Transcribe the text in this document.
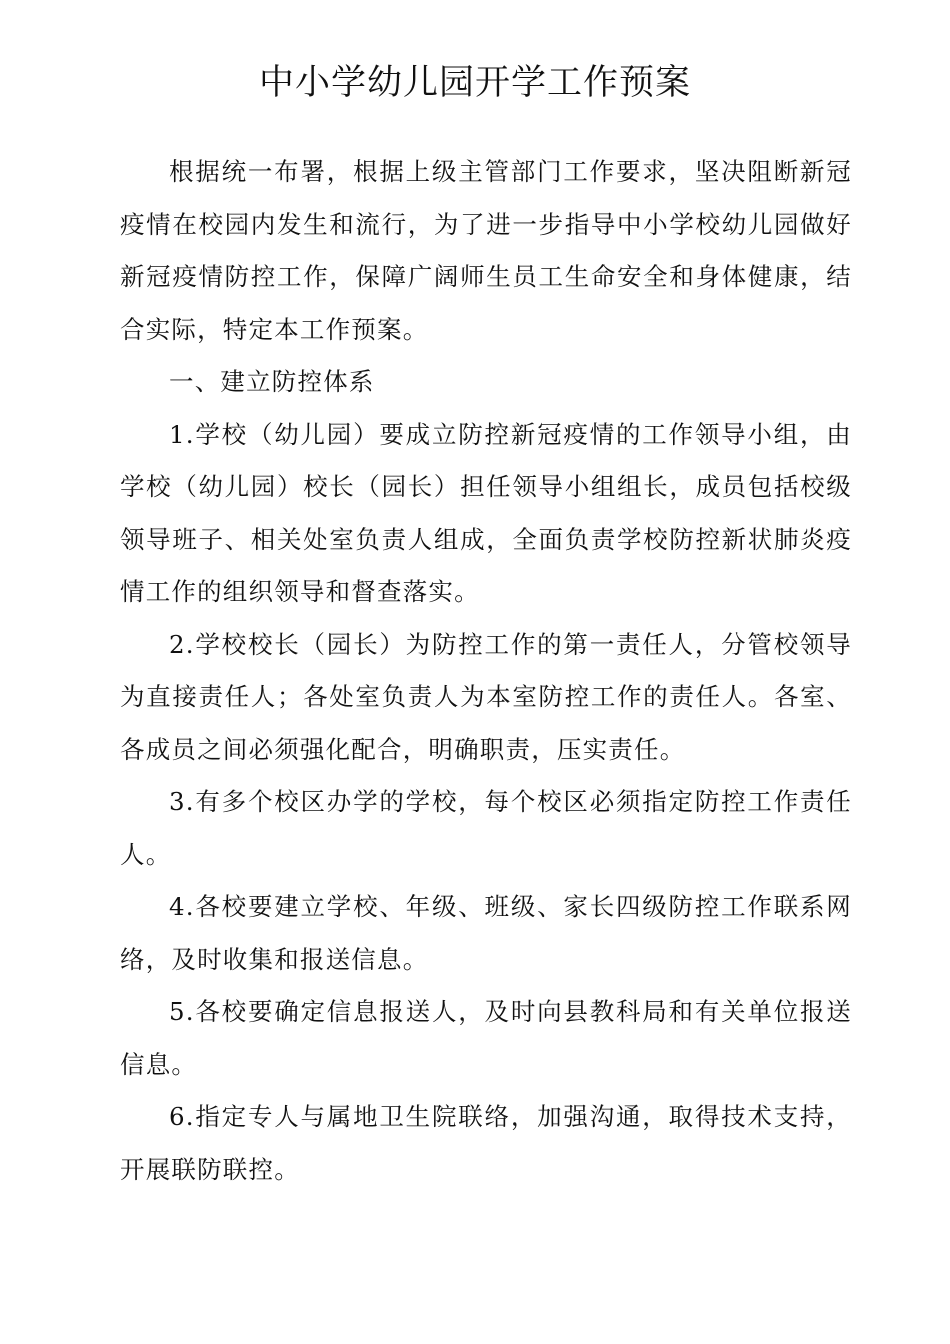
中小学幼儿园开学工作预案

根据统一布署，根据上级主管部门工作要求，坚决阻断新冠疫情在校园内发生和流行，为了进一步指导中小学校幼儿园做好新冠疫情防控工作，保障广阔师生员工生命安全和身体健康，结合实际，特定本工作预案。

一、建立防控体系

1.学校（幼儿园）要成立防控新冠疫情的工作领导小组，由学校（幼儿园）校长（园长）担任领导小组组长，成员包括校级领导班子、相关处室负责人组成，全面负责学校防控新状肺炎疫情工作的组织领导和督查落实。

2.学校校长（园长）为防控工作的第一责任人，分管校领导为直接责任人；各处室负责人为本室防控工作的责任人。各室、各成员之间必须强化配合，明确职责，压实责任。

3.有多个校区办学的学校，每个校区必须指定防控工作责任人。

4.各校要建立学校、年级、班级、家长四级防控工作联系网络，及时收集和报送信息。

5.各校要确定信息报送人，及时向县教科局和有关单位报送信息。

6.指定专人与属地卫生院联络，加强沟通，取得技术支持，开展联防联控。
